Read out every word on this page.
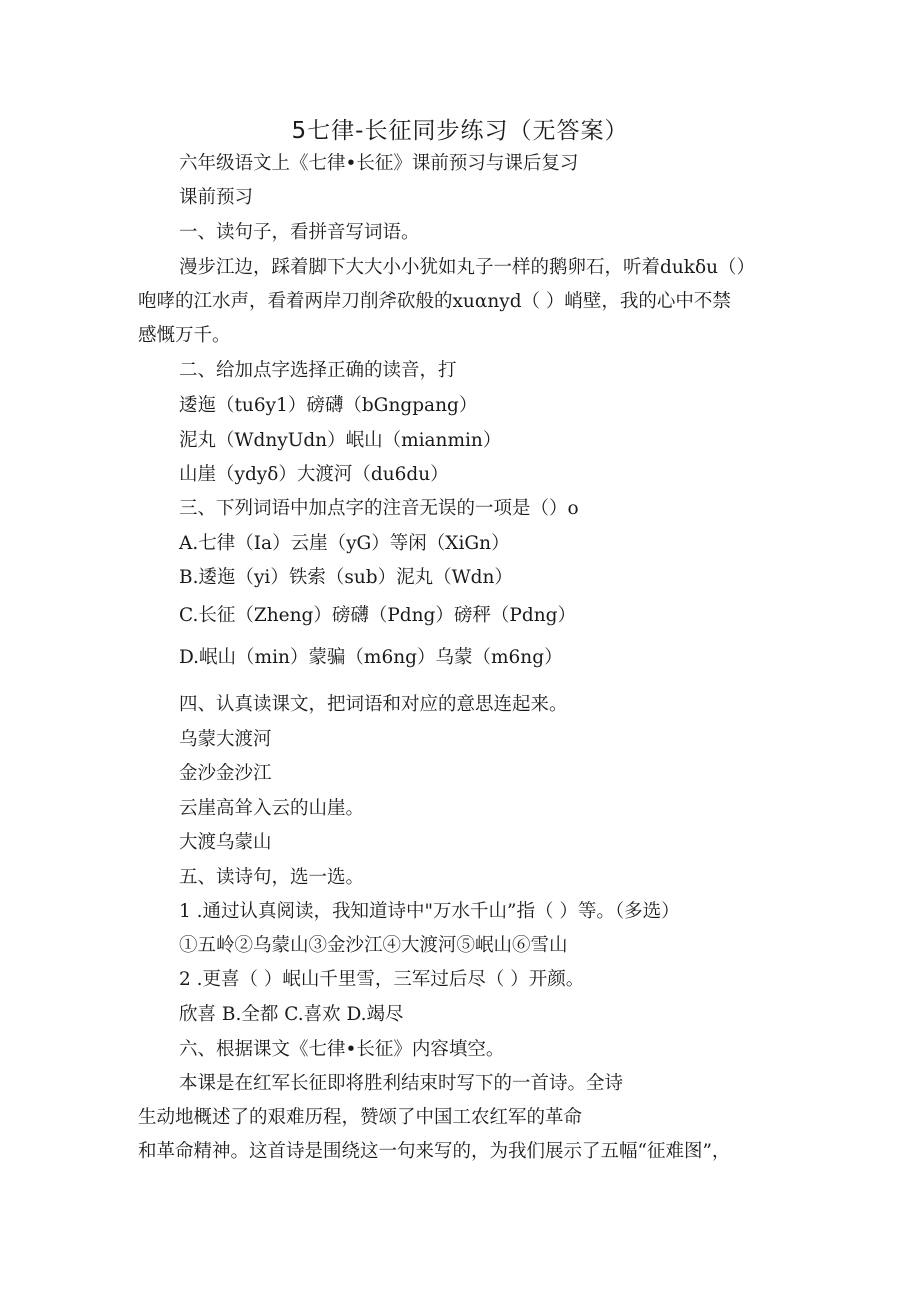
5七律-长征同步练习（无答案）

六年级语文上《七律•长征》课前预习与课后复习

课前预习

一、读句子，看拼音写词语。

漫步江边，踩着脚下大大小小犹如丸子一样的鹅卵石，听着dukδu（）

咆哮的江水声，看着两岸刀削斧砍般的xuαnyd（ ）峭壁，我的心中不禁

感慨万千。

二、给加点字选择正确的读音，打

逶迤（tu6y1）磅礴（bGngpang）

泥丸（WdnyUdn）岷山（mianmin）

山崖（ydyδ）大渡河（du6du）

三、下列词语中加点字的注音无误的一项是（）o

A.七律（Ia）云崖（yG）等闲（XiGn）

B.逶迤（yi）铁索（sub）泥丸（Wdn）

C.长征（Zheng）磅礴（Pdng）磅秤（Pdng）

D.岷山（min）蒙骗（m6ng）乌蒙（m6ng）

四、认真读课文，把词语和对应的意思连起来。

乌蒙大渡河

金沙金沙江

云崖高耸入云的山崖。

大渡乌蒙山

五、读诗句，选一选。

1 .通过认真阅读，我知道诗中"万水千山”指（ ）等。（多选）

①五岭②乌蒙山③金沙江④大渡河⑤岷山⑥雪山

2 .更喜（ ）岷山千里雪，三军过后尽（ ）开颜。

欣喜 B.全都 C.喜欢 D.竭尽

六、根据课文《七律•长征》内容填空。

本课是在红军长征即将胜利结束时写下的一首诗。全诗

生动地概述了的艰难历程，赞颂了中国工农红军的革命

和革命精神。这首诗是围绕这一句来写的，为我们展示了五幅“征难图”，
